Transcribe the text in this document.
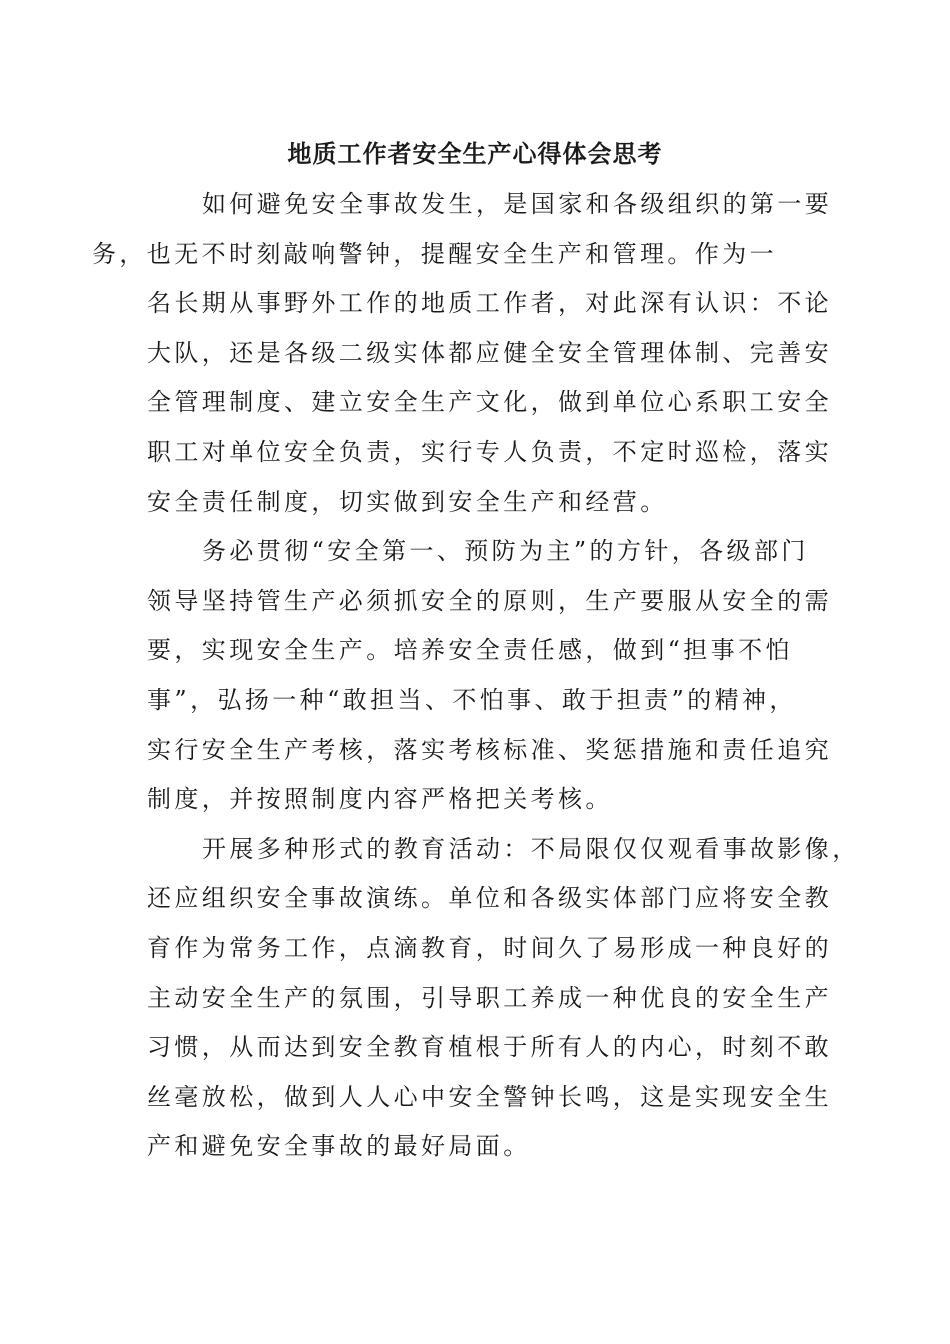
地质工作者安全生产心得体会思考

如何避免安全事故发生，是国家和各级组织的第一要
务，也无不时刻敲响警钟，提醒安全生产和管理。作为一
名长期从事野外工作的地质工作者，对此深有认识：不论
大队，还是各级二级实体都应健全安全管理体制、完善安
全管理制度、建立安全生产文化，做到单位心系职工安全
职工对单位安全负责，实行专人负责，不定时巡检，落实
安全责任制度，切实做到安全生产和经营。

务必贯彻“安全第一、预防为主”的方针，各级部门
领导坚持管生产必须抓安全的原则，生产要服从安全的需
要，实现安全生产。培养安全责任感，做到“担事不怕
事”，弘扬一种“敢担当、不怕事、敢于担责”的精神，
实行安全生产考核，落实考核标准、奖惩措施和责任追究
制度，并按照制度内容严格把关考核。

开展多种形式的教育活动：不局限仅仅观看事故影像，
还应组织安全事故演练。单位和各级实体部门应将安全教
育作为常务工作，点滴教育，时间久了易形成一种良好的
主动安全生产的氛围，引导职工养成一种优良的安全生产
习惯，从而达到安全教育植根于所有人的内心，时刻不敢
丝毫放松，做到人人心中安全警钟长鸣，这是实现安全生
产和避免安全事故的最好局面。
